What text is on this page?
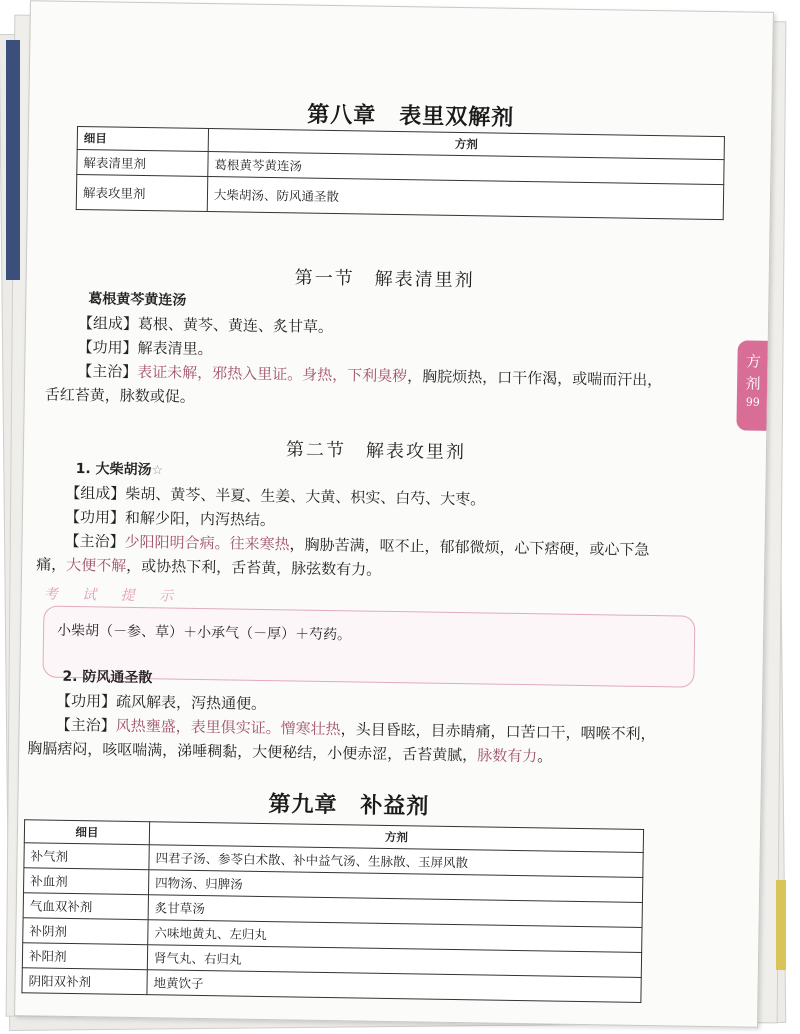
第八章　表里双解剂
细目	方剂
解表清里剂	葛根黄芩黄连汤
解表攻里剂	大柴胡汤、防风通圣散
第一节　解表清里剂
葛根黄芩黄连汤
【组成】葛根、黄芩、黄连、炙甘草。
【功用】解表清里。
【主治】表证未解，邪热入里证。身热，下利臭秽，胸脘烦热，口干作渴，或喘而汗出，
舌红苔黄，脉数或促。
第二节　解表攻里剂
1. 大柴胡汤☆
【组成】柴胡、黄芩、半夏、生姜、大黄、枳实、白芍、大枣。
【功用】和解少阳，内泻热结。
【主治】少阳阳明合病。往来寒热，胸胁苦满，呕不止，郁郁微烦，心下痞硬，或心下急
痛，大便不解，或协热下利，舌苔黄，脉弦数有力。
考 试 提 示
小柴胡（－参、草）＋小承气（－厚）＋芍药。
2. 防风通圣散
【功用】疏风解表，泻热通便。
【主治】风热壅盛，表里俱实证。憎寒壮热，头目昏眩，目赤睛痛，口苦口干，咽喉不利，
胸膈痞闷，咳呕喘满，涕唾稠黏，大便秘结，小便赤涩，舌苔黄腻，脉数有力。
第九章　补益剂
细目	方剂
补气剂	四君子汤、参苓白术散、补中益气汤、生脉散、玉屏风散
补血剂	四物汤、归脾汤
气血双补剂	炙甘草汤
补阴剂	六味地黄丸、左归丸
补阳剂	肾气丸、右归丸
阴阳双补剂	地黄饮子
方
剂
99
